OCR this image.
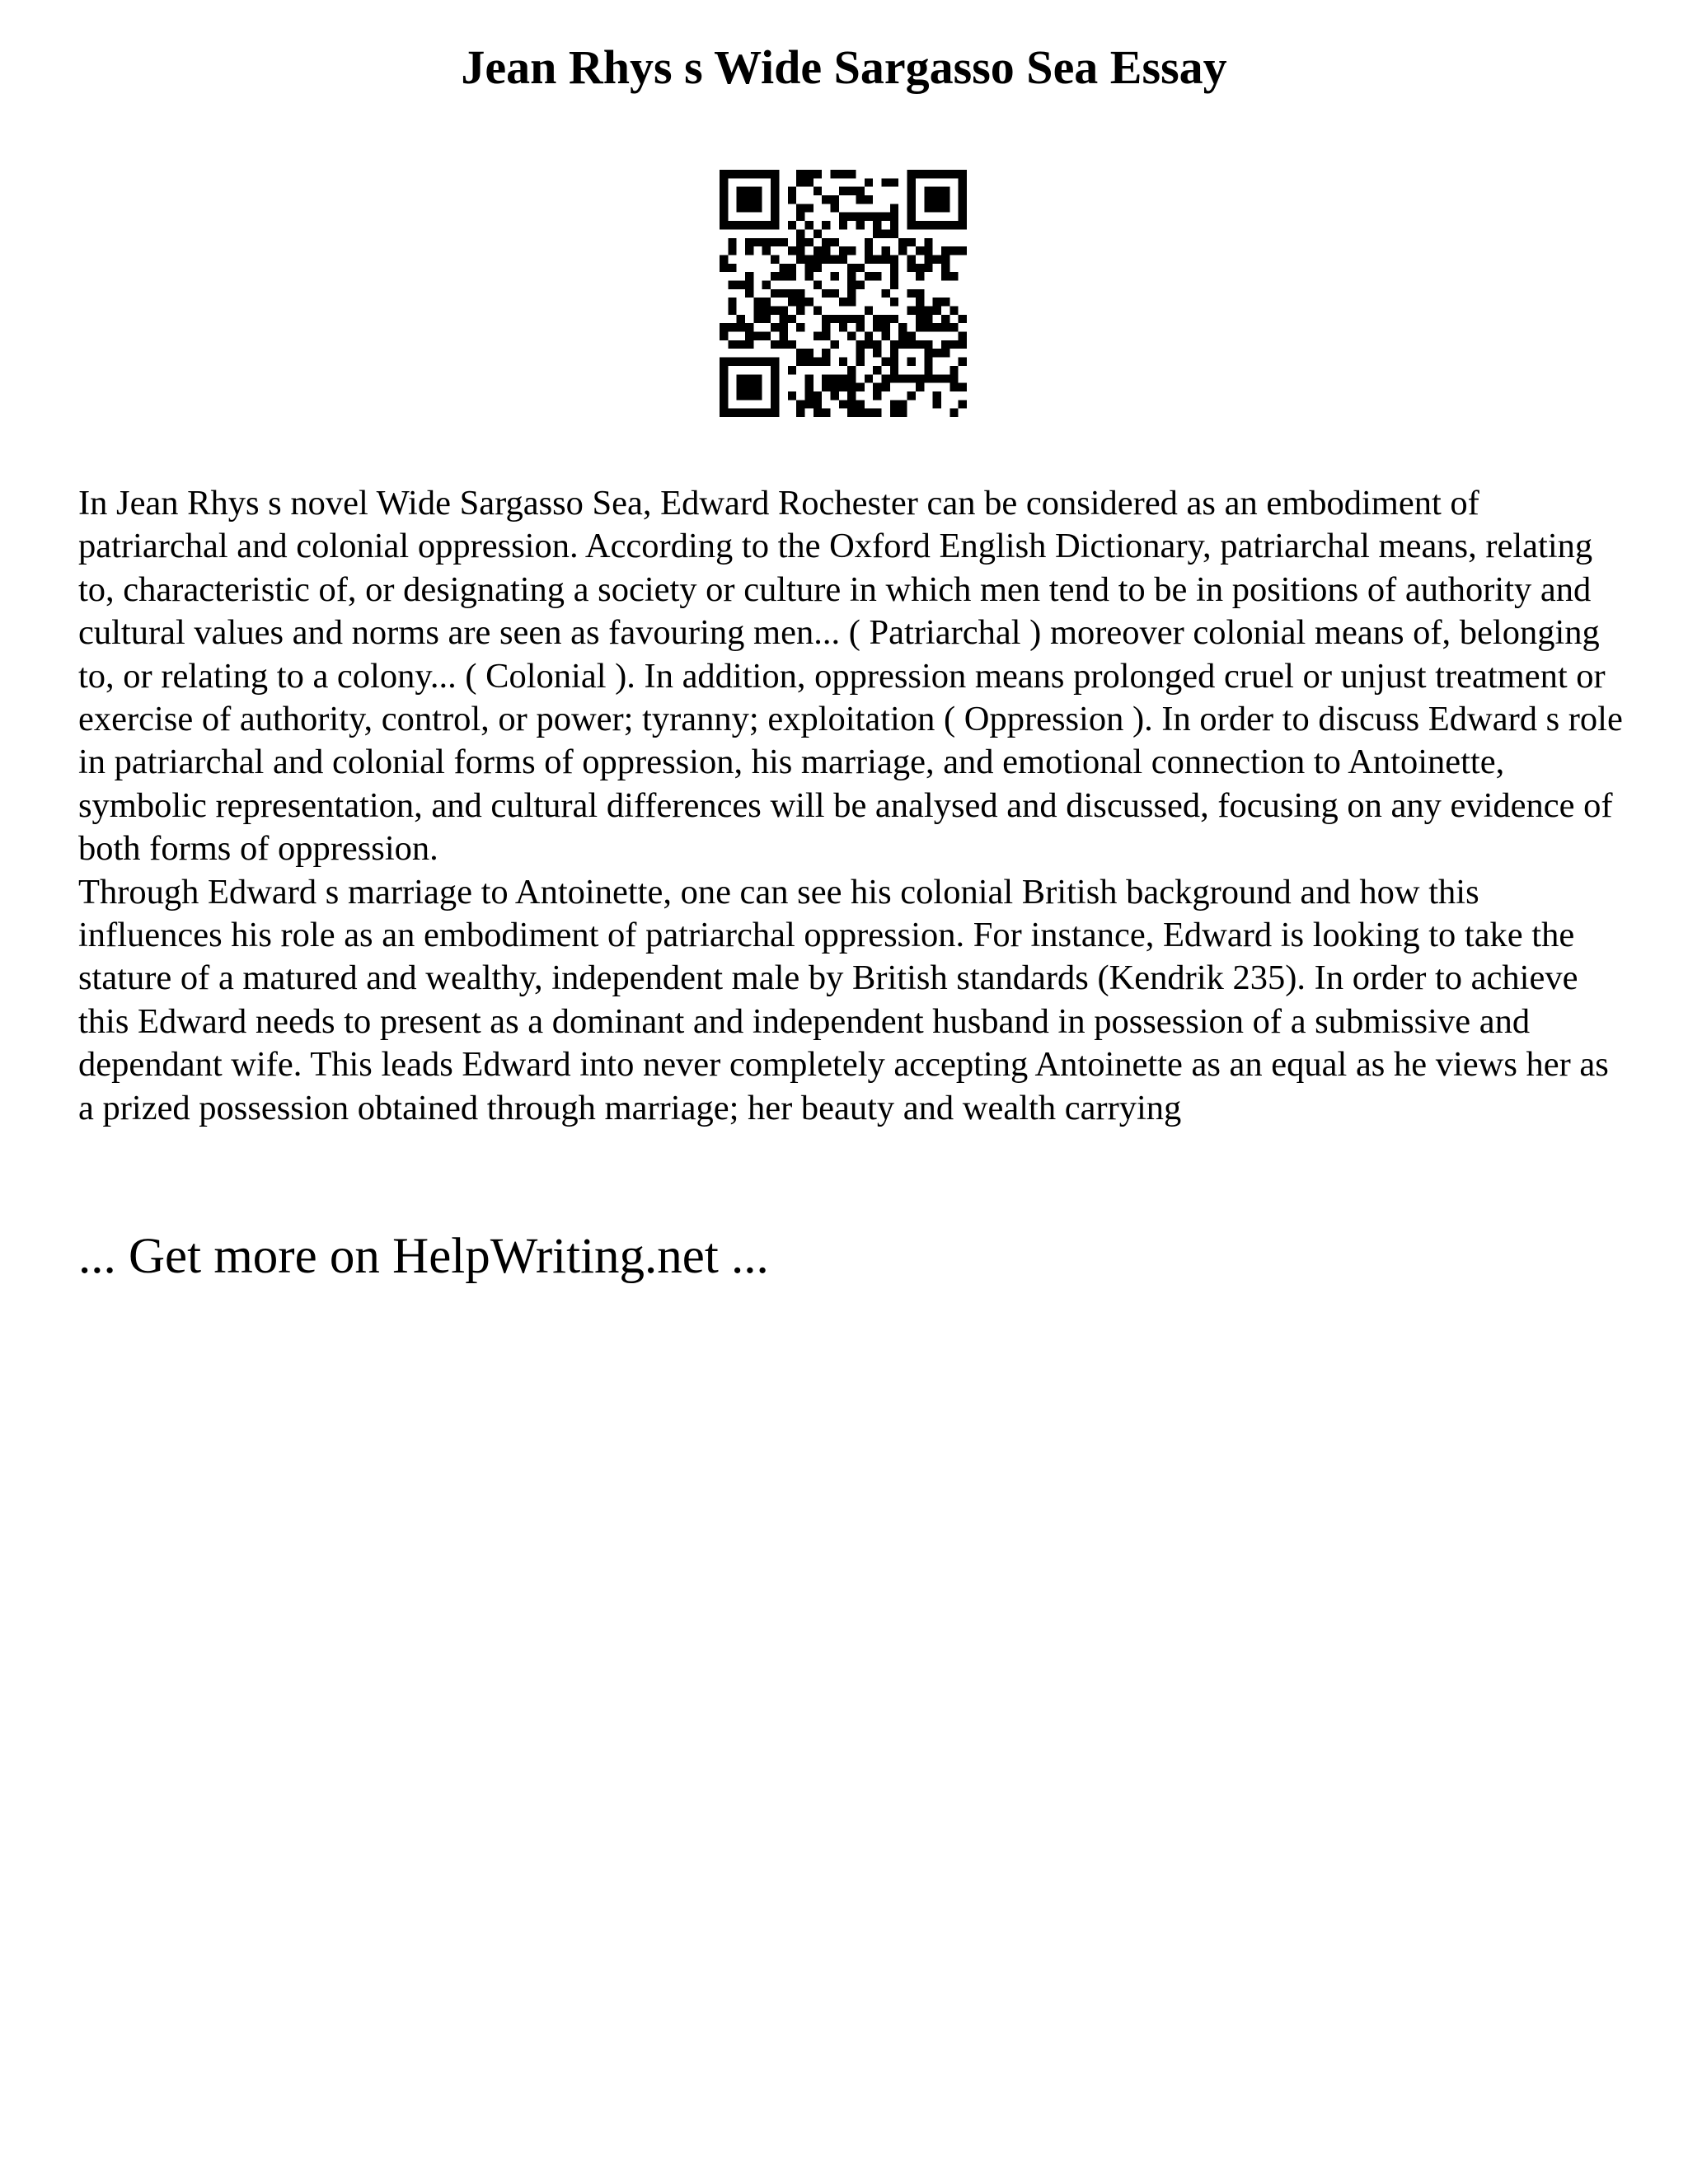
Jean Rhys s Wide Sargasso Sea Essay

In Jean Rhys s novel Wide Sargasso Sea, Edward Rochester can be considered as an embodiment of patriarchal and colonial oppression. According to the Oxford English Dictionary, patriarchal means, relating to, characteristic of, or designating a society or culture in which men tend to be in positions of authority and cultural values and norms are seen as favouring men... ( Patriarchal ) moreover colonial means of, belonging to, or relating to a colony... ( Colonial ). In addition, oppression means prolonged cruel or unjust treatment or exercise of authority, control, or power; tyranny; exploitation ( Oppression ). In order to discuss Edward s role in patriarchal and colonial forms of oppression, his marriage, and emotional connection to Antoinette, symbolic representation, and cultural differences will be analysed and discussed, focusing on any evidence of both forms of oppression.

Through Edward s marriage to Antoinette, one can see his colonial British background and how this influences his role as an embodiment of patriarchal oppression. For instance, Edward is looking to take the stature of a matured and wealthy, independent male by British standards (Kendrik 235). In order to achieve this Edward needs to present as a dominant and independent husband in possession of a submissive and dependant wife. This leads Edward into never completely accepting Antoinette as an equal as he views her as a prized possession obtained through marriage; her beauty and wealth carrying

... Get more on HelpWriting.net ...
